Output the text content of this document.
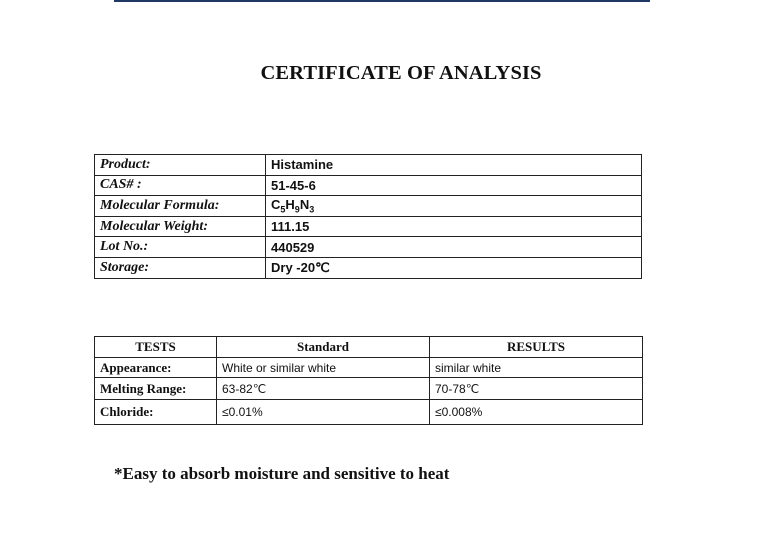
CERTIFICATE OF ANALYSIS
Product:	Histamine
CAS# :	51-45-6
Molecular Formula:	$C_5H_9N_3$
Molecular Weight:	111.15
Lot No.:	440529
Storage:	Dry -20℃
TESTS	Standard	RESULTS
Appearance:	White or similar white	similar white
Melting Range:	63-82℃	70-78℃
Chloride:	≤0.01%	≤0.008%
*Easy to absorb moisture and sensitive to heat
